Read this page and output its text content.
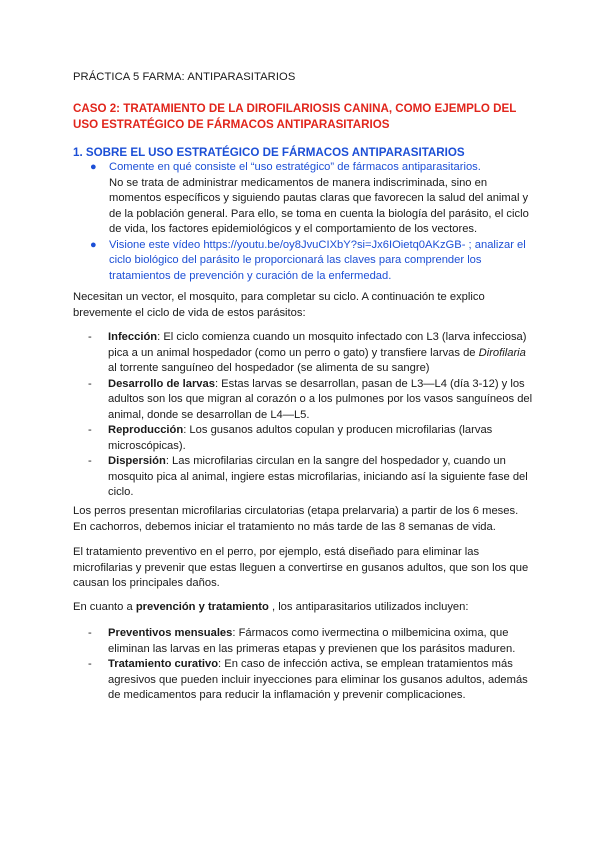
PRÁCTICA 5 FARMA: ANTIPARASITARIOS

CASO 2: TRATAMIENTO DE LA DIROFILARIOSIS CANINA, COMO EJEMPLO DEL USO ESTRATÉGICO DE FÁRMACOS ANTIPARASITARIOS

1. SOBRE EL USO ESTRATÉGICO DE FÁRMACOS ANTIPARASITARIOS

● Comente en qué consiste el “uso estratégico” de fármacos antiparasitarios.

No se trata de administrar medicamentos de manera indiscriminada, sino en momentos específicos y siguiendo pautas claras que favorecen la salud del animal y de la población general. Para ello, se toma en cuenta la biología del parásito, el ciclo de vida, los factores epidemiológicos y el comportamiento de los vectores.

● Visione este vídeo https://youtu.be/oy8JvuCIXbY?si=Jx6IOietq0AKzGB- ; analizar el ciclo biológico del parásito le proporcionará las claves para comprender los tratamientos de prevención y curación de la enfermedad.

Necesitan un vector, el mosquito, para completar su ciclo. A continuación te explico brevemente el ciclo de vida de estos parásitos:

- Infección: El ciclo comienza cuando un mosquito infectado con L3 (larva infecciosa) pica a un animal hospedador (como un perro o gato) y transfiere larvas de Dirofilaria al torrente sanguíneo del hospedador (se alimenta de su sangre)

- Desarrollo de larvas: Estas larvas se desarrollan, pasan de L3—L4 (día 3-12) y los adultos son los que migran al corazón o a los pulmones por los vasos sanguíneos del animal, donde se desarrollan de L4—L5.

- Reproducción: Los gusanos adultos copulan y producen microfilarias (larvas microscópicas).

- Dispersión: Las microfilarias circulan en la sangre del hospedador y, cuando un mosquito pica al animal, ingiere estas microfilarias, iniciando así la siguiente fase del ciclo.

Los perros presentan microfilarias circulatorias (etapa prelarvaria) a partir de los 6 meses. En cachorros, debemos iniciar el tratamiento no más tarde de las 8 semanas de vida.

El tratamiento preventivo en el perro, por ejemplo, está diseñado para eliminar las microfilarias y prevenir que estas lleguen a convertirse en gusanos adultos, que son los que causan los principales daños.

En cuanto a prevención y tratamiento , los antiparasitarios utilizados incluyen:

- Preventivos mensuales: Fármacos como ivermectina o milbemicina oxima, que eliminan las larvas en las primeras etapas y previenen que los parásitos maduren.

- Tratamiento curativo: En caso de infección activa, se emplean tratamientos más agresivos que pueden incluir inyecciones para eliminar los gusanos adultos, además de medicamentos para reducir la inflamación y prevenir complicaciones.
